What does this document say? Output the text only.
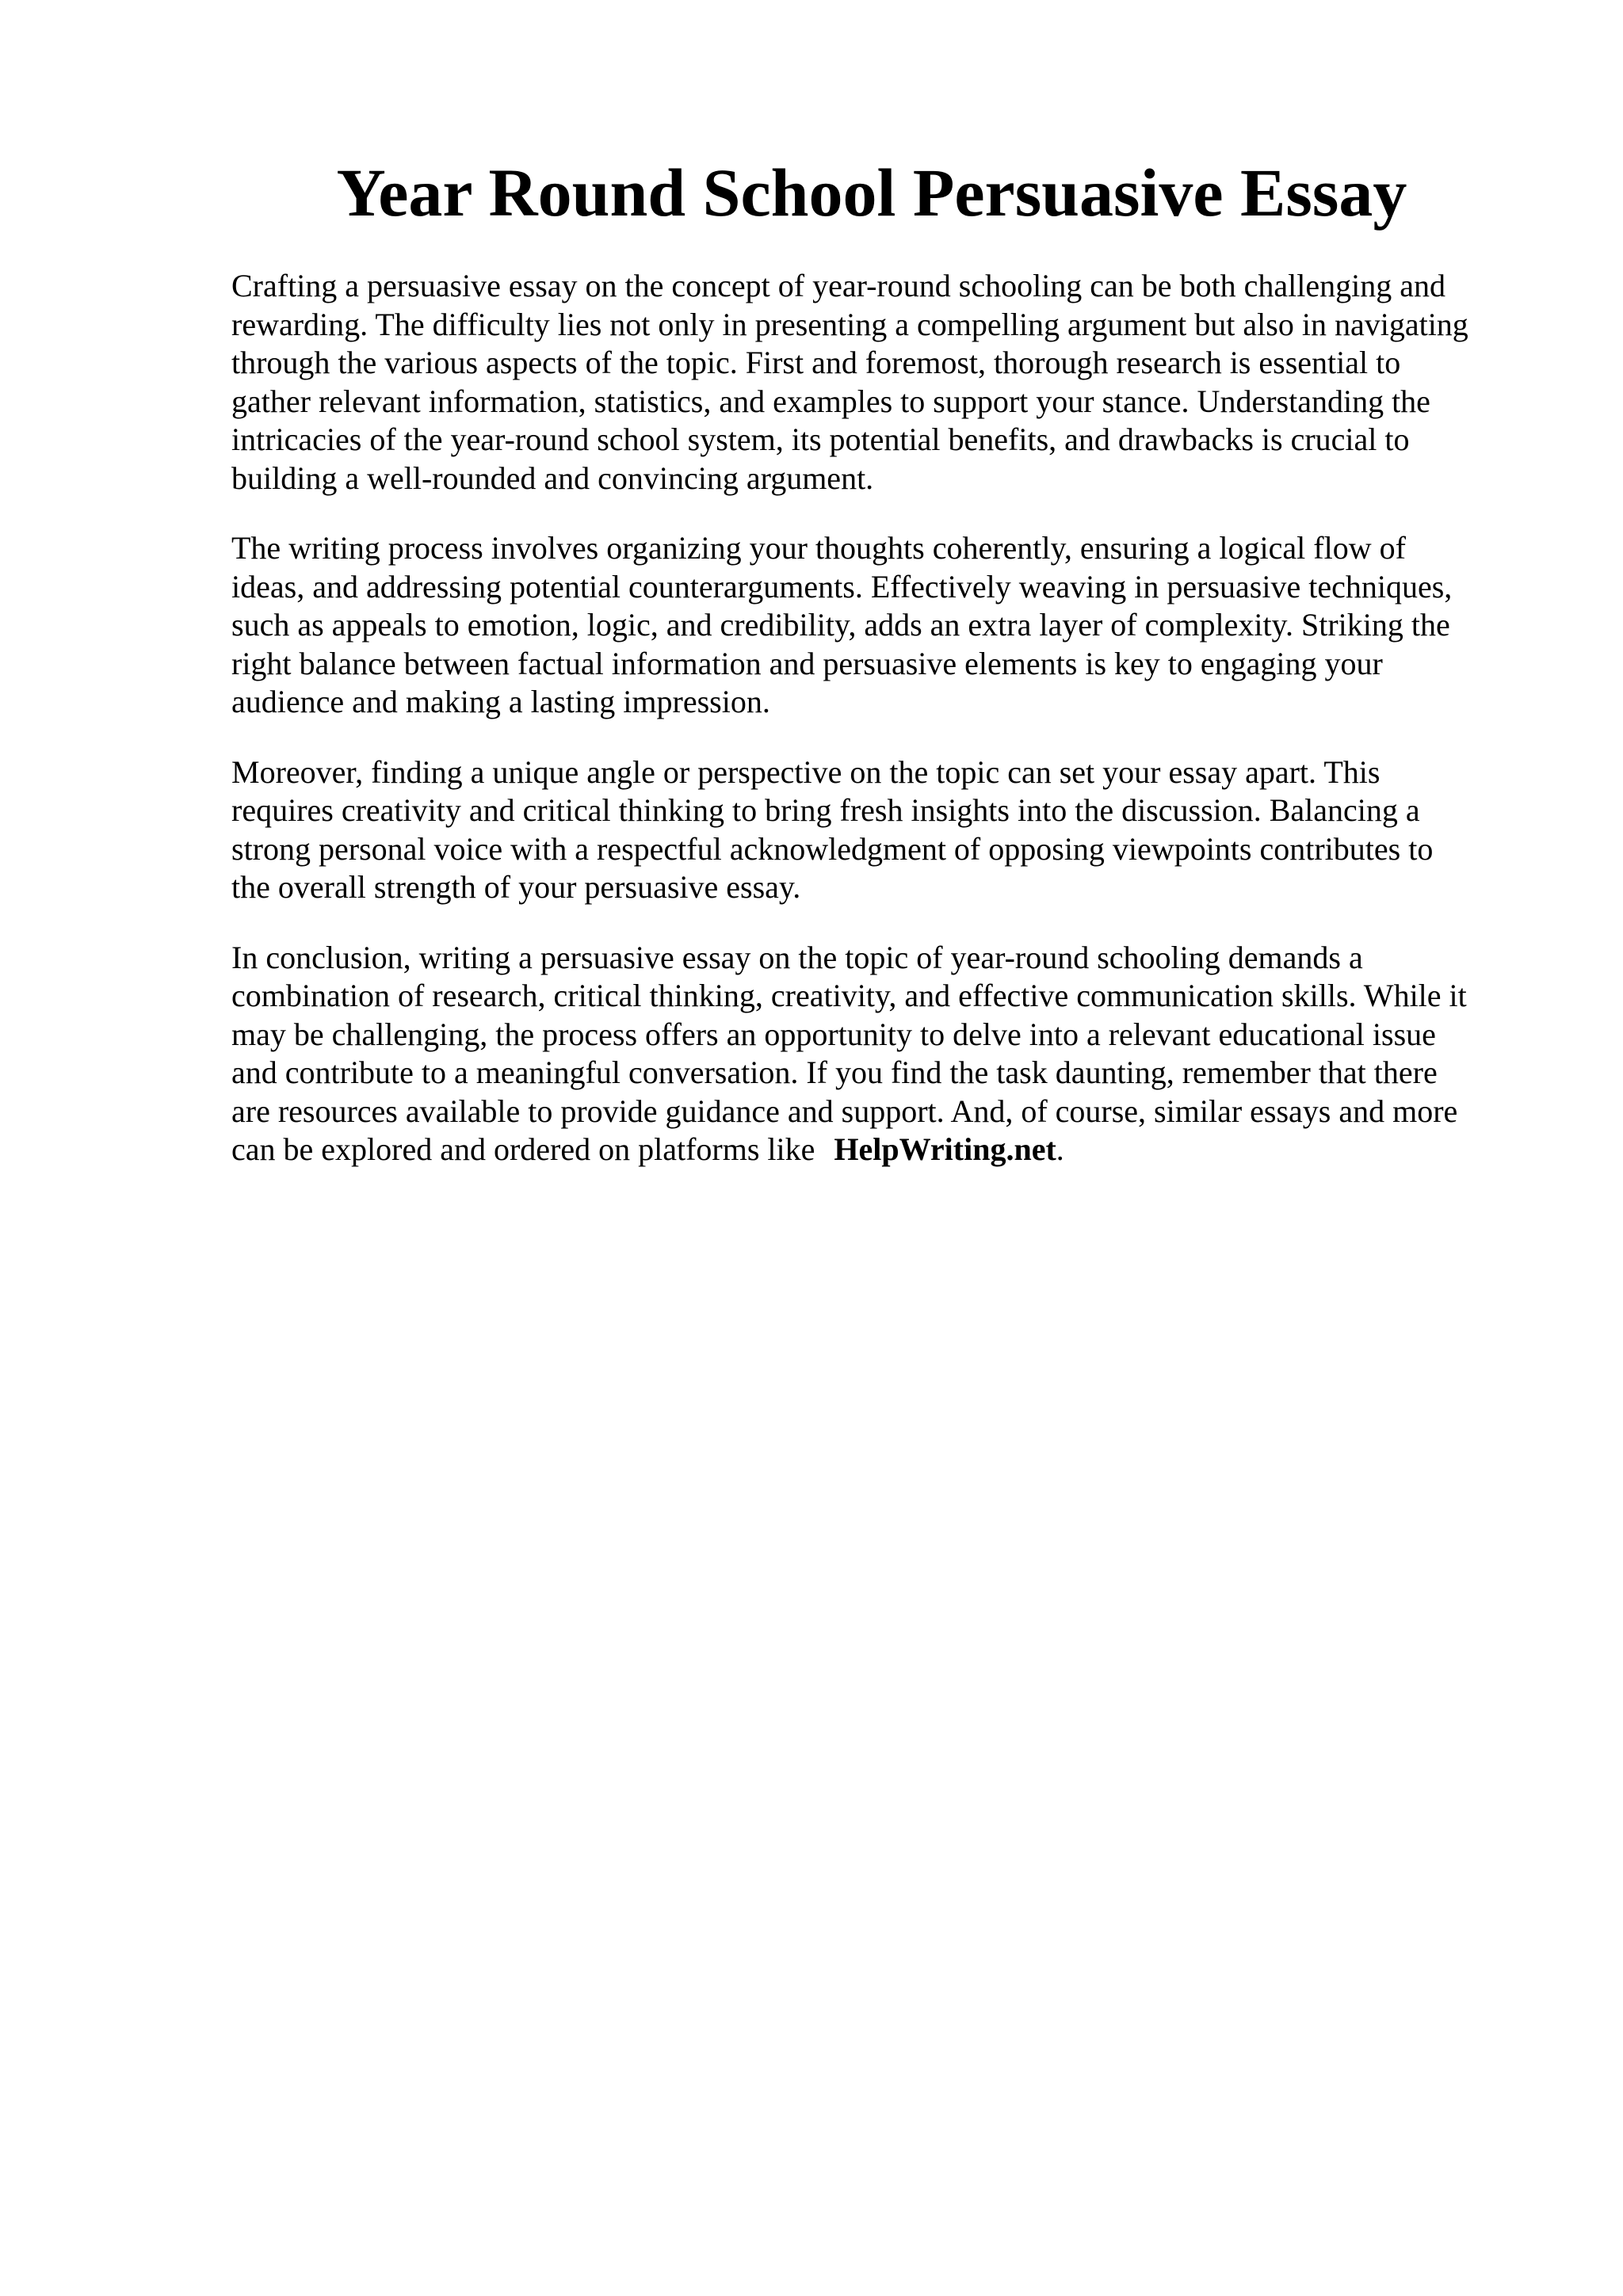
Year Round School Persuasive Essay

Crafting a persuasive essay on the concept of year-round schooling can be both challenging and
rewarding. The difficulty lies not only in presenting a compelling argument but also in navigating
through the various aspects of the topic. First and foremost, thorough research is essential to
gather relevant information, statistics, and examples to support your stance. Understanding the
intricacies of the year-round school system, its potential benefits, and drawbacks is crucial to
building a well-rounded and convincing argument.

The writing process involves organizing your thoughts coherently, ensuring a logical flow of
ideas, and addressing potential counterarguments. Effectively weaving in persuasive techniques,
such as appeals to emotion, logic, and credibility, adds an extra layer of complexity. Striking the
right balance between factual information and persuasive elements is key to engaging your
audience and making a lasting impression.

Moreover, finding a unique angle or perspective on the topic can set your essay apart. This
requires creativity and critical thinking to bring fresh insights into the discussion. Balancing a
strong personal voice with a respectful acknowledgment of opposing viewpoints contributes to
the overall strength of your persuasive essay.

In conclusion, writing a persuasive essay on the topic of year-round schooling demands a
combination of research, critical thinking, creativity, and effective communication skills. While it
may be challenging, the process offers an opportunity to delve into a relevant educational issue
and contribute to a meaningful conversation. If you find the task daunting, remember that there
are resources available to provide guidance and support. And, of course, similar essays and more
can be explored and ordered on platforms like HelpWriting.net.
